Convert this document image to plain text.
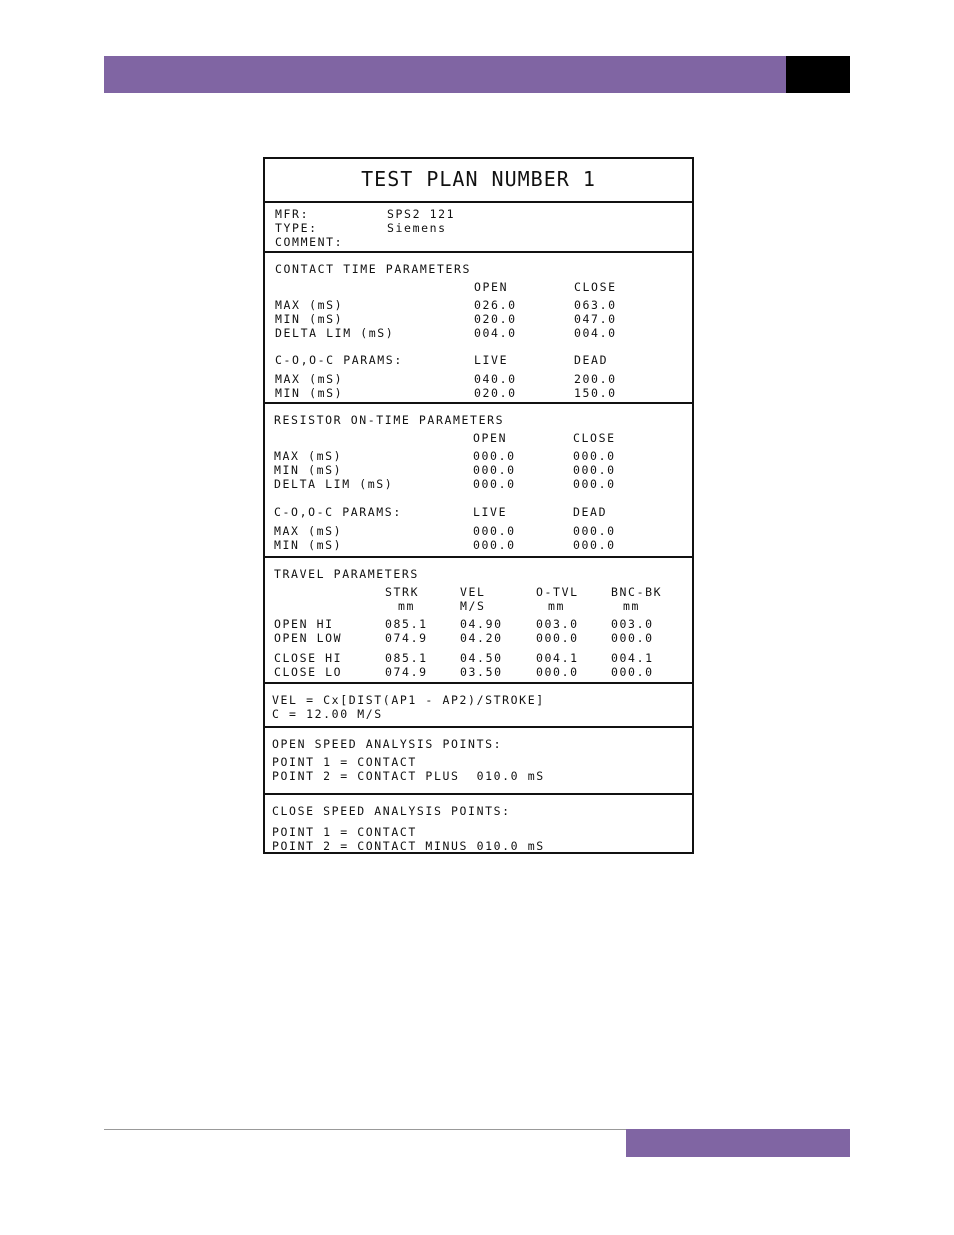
TEST PLAN NUMBER 1
MFR:	SPS2 121
TYPE:	Siemens
COMMENT:
CONTACT TIME PARAMETERS
OPEN	CLOSE
MAX (mS)	026.0	063.0
MIN (mS)	020.0	047.0
DELTA LIM (mS)	004.0	004.0
C-O,O-C PARAMS:	LIVE	DEAD
MAX (mS)	040.0	200.0
MIN (mS)	020.0	150.0
RESISTOR ON-TIME PARAMETERS
OPEN	CLOSE
MAX (mS)	000.0	000.0
MIN (mS)	000.0	000.0
DELTA LIM (mS)	000.0	000.0
C-O,O-C PARAMS:	LIVE	DEAD
MAX (mS)	000.0	000.0
MIN (mS)	000.0	000.0
TRAVEL PARAMETERS
STRK	VEL	O-TVL	BNC-BK
mm	M/S	mm	mm
OPEN HI	085.1	04.90	003.0	003.0
OPEN LOW	074.9	04.20	000.0	000.0
CLOSE HI	085.1	04.50	004.1	004.1
CLOSE LO	074.9	03.50	000.0	000.0
VEL = Cx[DIST(AP1 - AP2)/STROKE]
C = 12.00 M/S
OPEN SPEED ANALYSIS POINTS:
POINT 1 = CONTACT
POINT 2 = CONTACT PLUS  010.0 mS
CLOSE SPEED ANALYSIS POINTS:
POINT 1 = CONTACT
POINT 2 = CONTACT MINUS 010.0 mS
